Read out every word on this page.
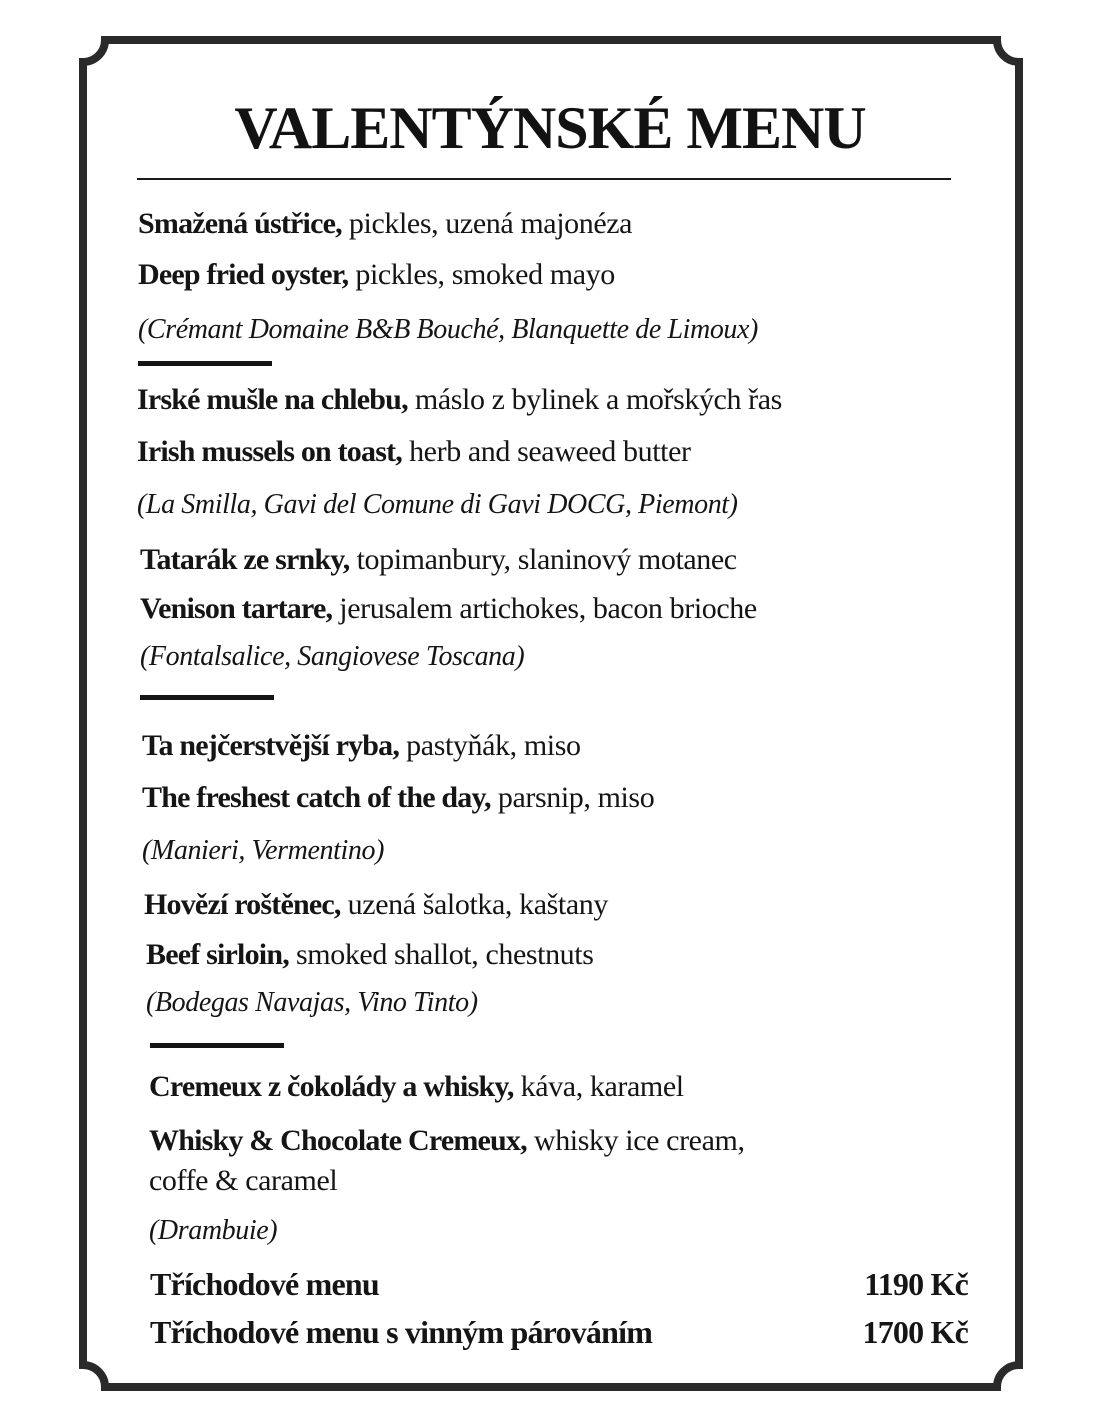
VALENTÝNSKÉ MENU
Smažená ústřice, pickles, uzená majonéza
Deep fried oyster, pickles, smoked mayo
(Crémant Domaine B&B Bouché, Blanquette de Limoux)
Irské mušle na chlebu, máslo z bylinek a mořských řas
Irish mussels on toast, herb and seaweed butter
(La Smilla, Gavi del Comune di Gavi DOCG, Piemont)
Tatarák ze srnky, topimanbury, slaninový motanec
Venison tartare, jerusalem artichokes, bacon brioche
(Fontalsalice, Sangiovese Toscana)
Ta nejčerstvější ryba, pastyňák, miso
The freshest catch of the day, parsnip, miso
(Manieri, Vermentino)
Hovězí roštěnec, uzená šalotka, kaštany
Beef sirloin, smoked shallot, chestnuts
(Bodegas Navajas, Vino Tinto)
Cremeux z čokolády a whisky, káva, karamel
Whisky & Chocolate Cremeux, whisky ice cream,
coffe & caramel
(Drambuie)
Tříchodové menu	1190 Kč
Tříchodové menu s vinným párováním	1700 Kč
